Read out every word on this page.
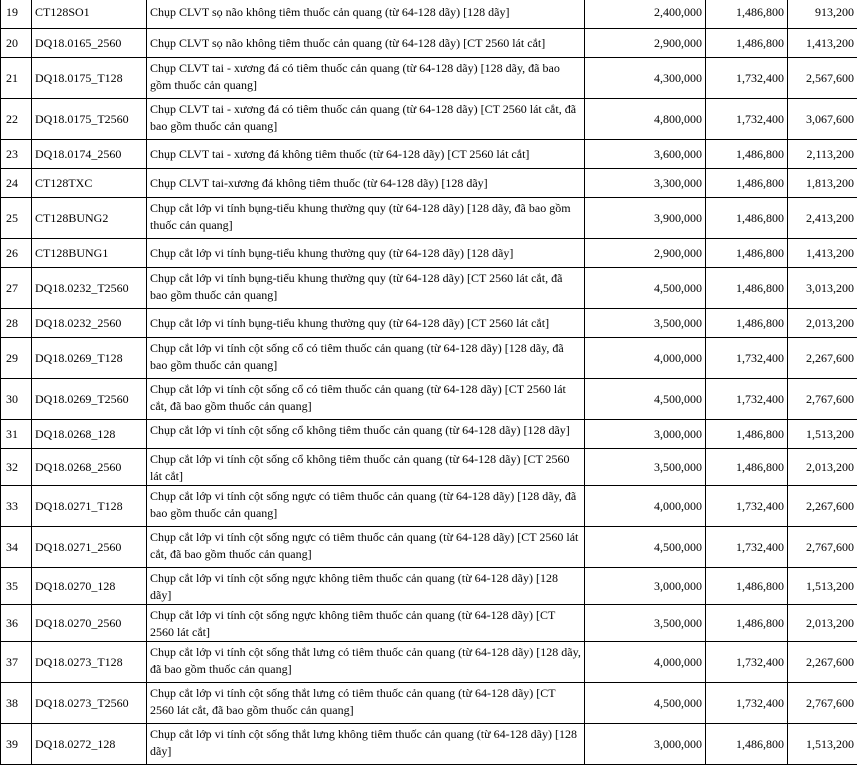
19	CT128SO1	Chụp CLVT sọ não không tiêm thuốc cản quang (từ 64-128 dãy) [128 dãy]	2,400,000	1,486,800	913,200
20	DQ18.0165_2560	Chụp CLVT sọ não không tiêm thuốc cản quang (từ 64-128 dãy) [CT 2560 lát cắt]	2,900,000	1,486,800	1,413,200
21	DQ18.0175_T128	Chụp CLVT tai - xương đá có tiêm thuốc cản quang (từ 64-128 dãy) [128 dãy, đã bao gồm thuốc cản quang]	4,300,000	1,732,400	2,567,600
22	DQ18.0175_T2560	Chụp CLVT tai - xương đá có tiêm thuốc cản quang (từ 64-128 dãy) [CT 2560 lát cắt, đã bao gồm thuốc cản quang]	4,800,000	1,732,400	3,067,600
23	DQ18.0174_2560	Chụp CLVT tai - xương đá không tiêm thuốc (từ 64-128 dãy) [CT 2560 lát cắt]	3,600,000	1,486,800	2,113,200
24	CT128TXC	Chụp CLVT tai-xương đá không tiêm thuốc (từ 64-128 dãy) [128 dãy]	3,300,000	1,486,800	1,813,200
25	CT128BUNG2	Chụp cắt lớp vi tính bụng-tiểu khung thường quy (từ 64-128 dãy) [128 dãy, đã bao gồm thuốc cản quang]	3,900,000	1,486,800	2,413,200
26	CT128BUNG1	Chụp cắt lớp vi tính bụng-tiểu khung thường quy (từ 64-128 dãy) [128 dãy]	2,900,000	1,486,800	1,413,200
27	DQ18.0232_T2560	Chụp cắt lớp vi tính bụng-tiểu khung thường quy (từ 64-128 dãy) [CT 2560 lát cắt, đã bao gồm thuốc cản quang]	4,500,000	1,486,800	3,013,200
28	DQ18.0232_2560	Chụp cắt lớp vi tính bụng-tiểu khung thường quy (từ 64-128 dãy) [CT 2560 lát cắt]	3,500,000	1,486,800	2,013,200
29	DQ18.0269_T128	Chụp cắt lớp vi tính cột sống cổ có tiêm thuốc cản quang (từ 64-128 dãy) [128 dãy, đã bao gồm thuốc cản quang]	4,000,000	1,732,400	2,267,600
30	DQ18.0269_T2560	Chụp cắt lớp vi tính cột sống cổ có tiêm thuốc cản quang (từ 64-128 dãy) [CT 2560 lát cắt, đã bao gồm thuốc cản quang]	4,500,000	1,732,400	2,767,600
31	DQ18.0268_128	Chụp cắt lớp vi tính cột sống cổ không tiêm thuốc cản quang (từ 64-128 dãy) [128 dãy]	3,000,000	1,486,800	1,513,200
32	DQ18.0268_2560	Chụp cắt lớp vi tính cột sống cổ không tiêm thuốc cản quang (từ 64-128 dãy) [CT 2560 lát cắt]	3,500,000	1,486,800	2,013,200
33	DQ18.0271_T128	Chụp cắt lớp vi tính cột sống ngực có tiêm thuốc cản quang (từ 64-128 dãy) [128 dãy, đã bao gồm thuốc cản quang]	4,000,000	1,732,400	2,267,600
34	DQ18.0271_2560	Chụp cắt lớp vi tính cột sống ngực có tiêm thuốc cản quang (từ 64-128 dãy) [CT 2560 lát cắt, đã bao gồm thuốc cản quang]	4,500,000	1,732,400	2,767,600
35	DQ18.0270_128	Chụp cắt lớp vi tính cột sống ngực không tiêm thuốc cản quang (từ 64-128 dãy) [128 dãy]	3,000,000	1,486,800	1,513,200
36	DQ18.0270_2560	Chụp cắt lớp vi tính cột sống ngực không tiêm thuốc cản quang (từ 64-128 dãy) [CT 2560 lát cắt]	3,500,000	1,486,800	2,013,200
37	DQ18.0273_T128	Chụp cắt lớp vi tính cột sống thắt lưng có tiêm thuốc cản quang (từ 64-128 dãy) [128 dãy, đã bao gồm thuốc cản quang]	4,000,000	1,732,400	2,267,600
38	DQ18.0273_T2560	Chụp cắt lớp vi tính cột sống thắt lưng có tiêm thuốc cản quang (từ 64-128 dãy) [CT 2560 lát cắt, đã bao gồm thuốc cản quang]	4,500,000	1,732,400	2,767,600
39	DQ18.0272_128	Chụp cắt lớp vi tính cột sống thắt lưng không tiêm thuốc cản quang (từ 64-128 dãy) [128 dãy]	3,000,000	1,486,800	1,513,200
